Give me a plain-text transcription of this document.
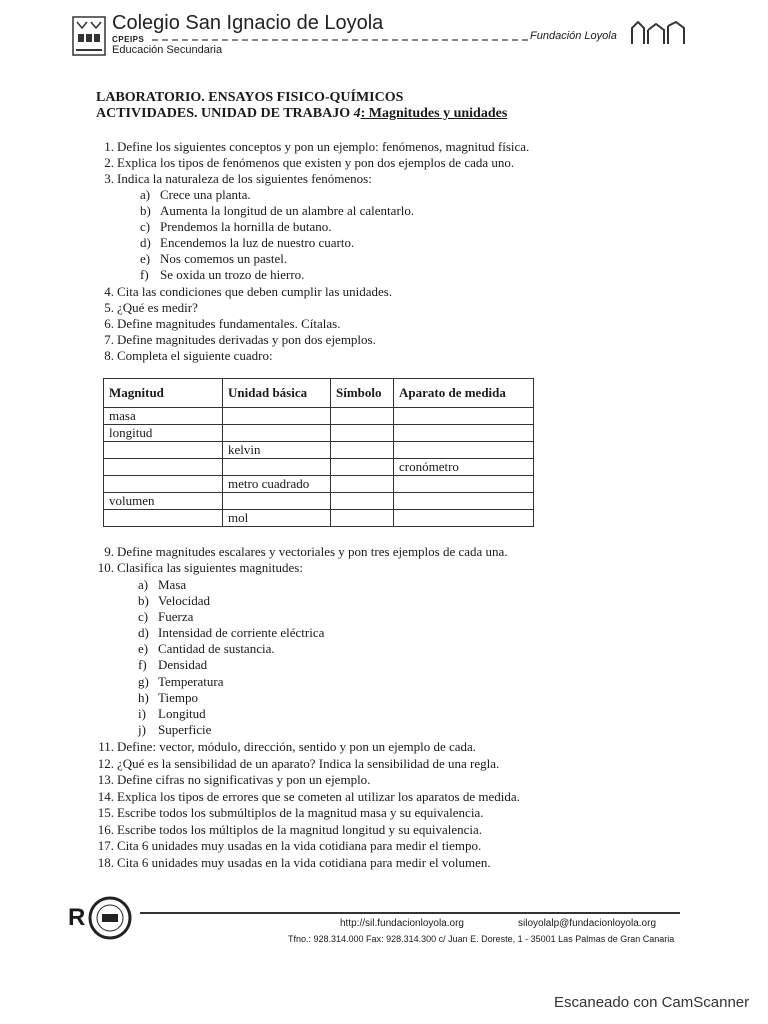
Colegio San Ignacio de Loyola
CPEIPS
Educación Secundaria
Fundación Loyola
LABORATORIO. ENSAYOS FISICO-QUÍMICOS
ACTIVIDADES. UNIDAD DE TRABAJO 4: Magnitudes y unidades
1. Define los siguientes conceptos y pon un ejemplo: fenómenos, magnitud física.
2. Explica los tipos de fenómenos que existen y pon dos ejemplos de cada uno.
3. Indica la naturaleza de los siguientes fenómenos:
a) Crece una planta.
b) Aumenta la longitud de un alambre al calentarlo.
c) Prendemos la hornilla de butano.
d) Encendemos la luz de nuestro cuarto.
e) Nos comemos un pastel.
f) Se oxida un trozo de hierro.
4. Cita las condiciones que deben cumplir las unidades.
5. ¿Qué es medir?
6. Define magnitudes fundamentales. Cítalas.
7. Define magnitudes derivadas y pon dos ejemplos.
8. Completa el siguiente cuadro:
Magnitud	Unidad básica	Símbolo	Aparato de medida
masa			
longitud			
	kelvin		
			cronómetro
	metro cuadrado		
volumen			
	mol		
9. Define magnitudes escalares y vectoriales y pon tres ejemplos de cada una.
10. Clasifica las siguientes magnitudes:
a) Masa
b) Velocidad
c) Fuerza
d) Intensidad de corriente eléctrica
e) Cantidad de sustancia.
f) Densidad
g) Temperatura
h) Tiempo
i) Longitud
j) Superficie
11. Define: vector, módulo, dirección, sentido y pon un ejemplo de cada.
12. ¿Qué es la sensibilidad de un aparato? Indica la sensibilidad de una regla.
13. Define cifras no significativas y pon un ejemplo.
14. Explica los tipos de errores que se cometen al utilizar los aparatos de medida.
15. Escribe todos los submúltiplos de la magnitud masa y su equivalencia.
16. Escribe todos los múltiplos de la magnitud longitud y su equivalencia.
17. Cita 6 unidades muy usadas en la vida cotidiana para medir el tiempo.
18. Cita 6 unidades muy usadas en la vida cotidiana para medir el volumen.
R	http://sil.fundacionloyola.org	siloyolalp@fundacionloyola.org
Tfno.: 928.314.000 Fax: 928.314.300 c/ Juan E. Doreste, 1 - 35001 Las Palmas de Gran Canaria
Escaneado con CamScanner
